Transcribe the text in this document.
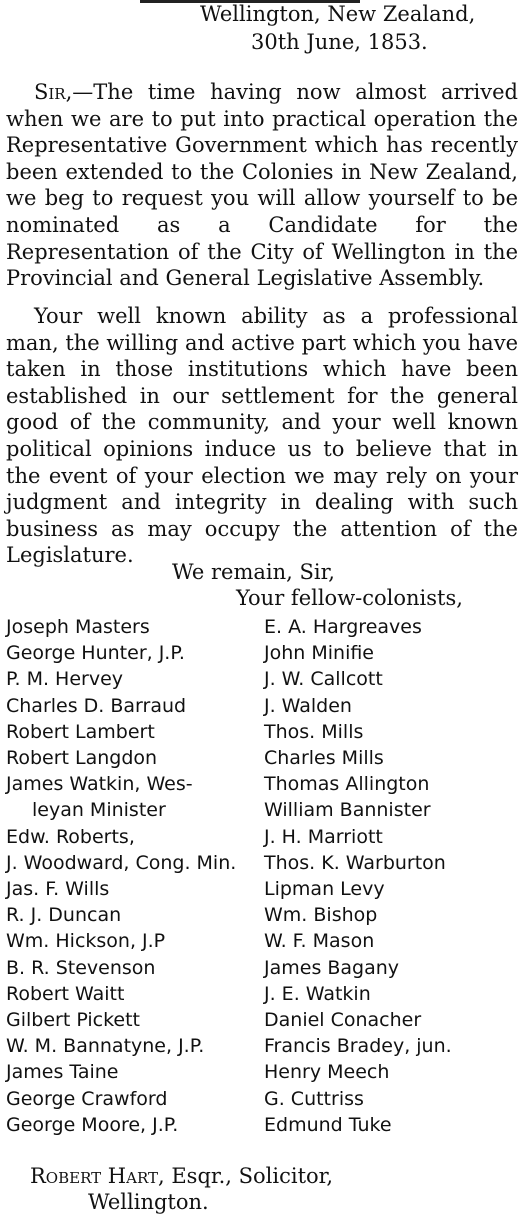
Wellington, New Zealand,
30th June, 1853.

Sir,—The time having now almost arrived when we are to put into practical operation the Representative Government which has recently been extended to the Colonies in New Zealand, we beg to request you will allow yourself to be nominated as a Candidate for the Representation of the City of Wellington in the Provincial and General Legislative Assembly.

Your well known ability as a professional man, the willing and active part which you have taken in those institutions which have been established in our settlement for the general good of the community, and your well known political opinions induce us to believe that in the event of your election we may rely on your judgment and integrity in dealing with such business as may occupy the attention of the Legislature.

We remain, Sir,
Your fellow-colonists,
Joseph Masters
George Hunter, J.P.
P. M. Hervey
Charles D. Barraud
Robert Lambert
Robert Langdon
James Watkin, Wes-
leyan Minister
Edw. Roberts,
J. Woodward, Cong. Min.
Jas. F. Wills
R. J. Duncan
Wm. Hickson, J.P
B. R. Stevenson
Robert Waitt
Gilbert Pickett
W. M. Bannatyne, J.P.
James Taine
George Crawford
George Moore, J.P.
E. A. Hargreaves
John Minifie
J. W. Callcott
J. Walden
Thos. Mills
Charles Mills
Thomas Allington
William Bannister
J. H. Marriott
Thos. K. Warburton
Lipman Levy
Wm. Bishop
W. F. Mason
James Bagany
J. E. Watkin
Daniel Conacher
Francis Bradey, jun.
Henry Meech
G. Cuttriss
Edmund Tuke
Robert Hart, Esqr., Solicitor,
Wellington.
